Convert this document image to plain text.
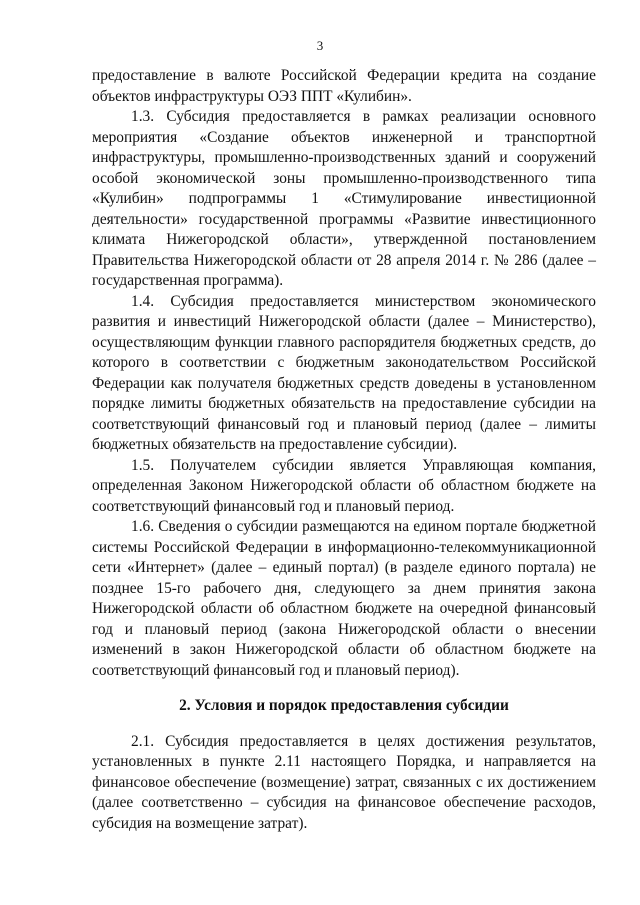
3

предоставление в валюте Российской Федерации кредита на создание объектов инфраструктуры ОЭЗ ППТ «Кулибин».

1.3. Субсидия предоставляется в рамках реализации основного мероприятия «Создание объектов инженерной и транспортной инфраструктуры, промышленно-производственных зданий и сооружений особой экономической зоны промышленно-производственного типа «Кулибин» подпрограммы 1 «Стимулирование инвестиционной деятельности» государственной программы «Развитие инвестиционного климата Нижегородской области», утвержденной постановлением Правительства Нижегородской области от 28 апреля 2014 г. № 286 (далее – государственная программа).

1.4. Субсидия предоставляется министерством экономического развития и инвестиций Нижегородской области (далее – Министерство), осуществляющим функции главного распорядителя бюджетных средств, до которого в соответствии с бюджетным законодательством Российской Федерации как получателя бюджетных средств доведены в установленном порядке лимиты бюджетных обязательств на предоставление субсидии на соответствующий финансовый год и плановый период (далее – лимиты бюджетных обязательств на предоставление субсидии).

1.5. Получателем субсидии является Управляющая компания, определенная Законом Нижегородской области об областном бюджете на соответствующий финансовый год и плановый период.

1.6. Сведения о субсидии размещаются на едином портале бюджетной системы Российской Федерации в информационно-телекоммуникационной сети «Интернет» (далее – единый портал) (в разделе единого портала) не позднее 15-го рабочего дня, следующего за днем принятия закона Нижегородской области об областном бюджете на очередной финансовый год и плановый период (закона Нижегородской области о внесении изменений в закон Нижегородской области об областном бюджете на соответствующий финансовый год и плановый период).

2. Условия и порядок предоставления субсидии

2.1. Субсидия предоставляется в целях достижения результатов, установленных в пункте 2.11 настоящего Порядка, и направляется на финансовое обеспечение (возмещение) затрат, связанных с их достижением (далее соответственно – субсидия на финансовое обеспечение расходов, субсидия на возмещение затрат).
